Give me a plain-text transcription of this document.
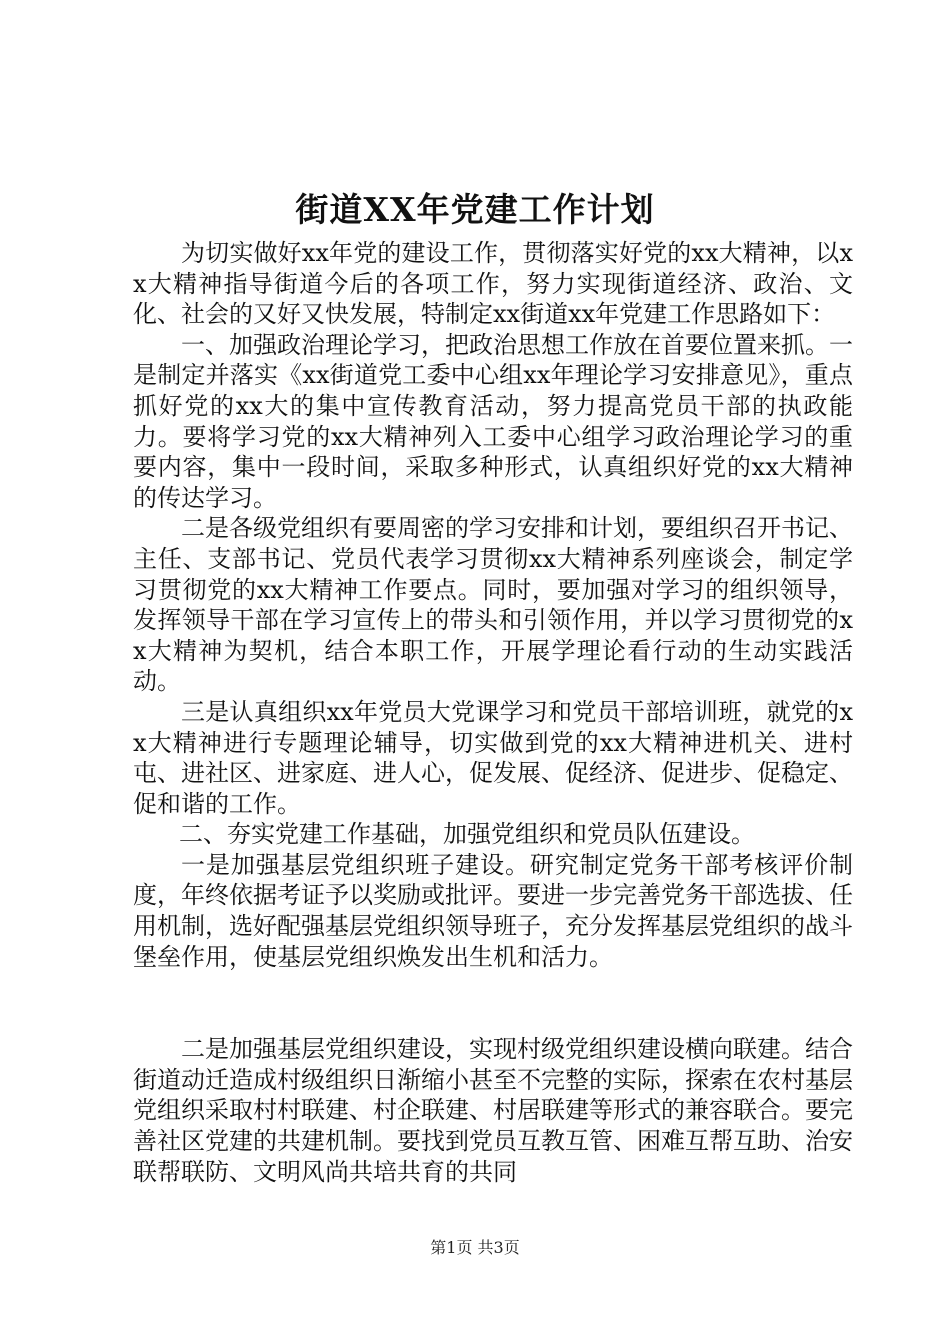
街道XX年党建工作计划

为切实做好xx年党的建设工作，贯彻落实好党的xx大精神，以xx大精神指导街道今后的各项工作，努力实现街道经济、政治、文化、社会的又好又快发展，特制定xx街道xx年党建工作思路如下：

一、加强政治理论学习，把政治思想工作放在首要位置来抓。一是制定并落实《xx街道党工委中心组xx年理论学习安排意见》，重点抓好党的xx大的集中宣传教育活动，努力提高党员干部的执政能力。要将学习党的xx大精神列入工委中心组学习政治理论学习的重要内容，集中一段时间，采取多种形式，认真组织好党的xx大精神的传达学习。

二是各级党组织有要周密的学习安排和计划，要组织召开书记、主任、支部书记、党员代表学习贯彻xx大精神系列座谈会，制定学习贯彻党的xx大精神工作要点。同时，要加强对学习的组织领导，发挥领导干部在学习宣传上的带头和引领作用，并以学习贯彻党的xx大精神为契机，结合本职工作，开展学理论看行动的生动实践活动。

三是认真组织xx年党员大党课学习和党员干部培训班，就党的xx大精神进行专题理论辅导，切实做到党的xx大精神进机关、进村屯、进社区、进家庭、进人心，促发展、促经济、促进步、促稳定、促和谐的工作。

二、夯实党建工作基础，加强党组织和党员队伍建设。

一是加强基层党组织班子建设。研究制定党务干部考核评价制度，年终依据考证予以奖励或批评。要进一步完善党务干部选拔、任用机制，选好配强基层党组织领导班子，充分发挥基层党组织的战斗堡垒作用，使基层党组织焕发出生机和活力。

二是加强基层党组织建设，实现村级党组织建设横向联建。结合街道动迁造成村级组织日渐缩小甚至不完整的实际，探索在农村基层党组织采取村村联建、村企联建、村居联建等形式的兼容联合。要完善社区党建的共建机制。要找到党员互教互管、困难互帮互助、治安联帮联防、文明风尚共培共育的共同

第1页 共3页
